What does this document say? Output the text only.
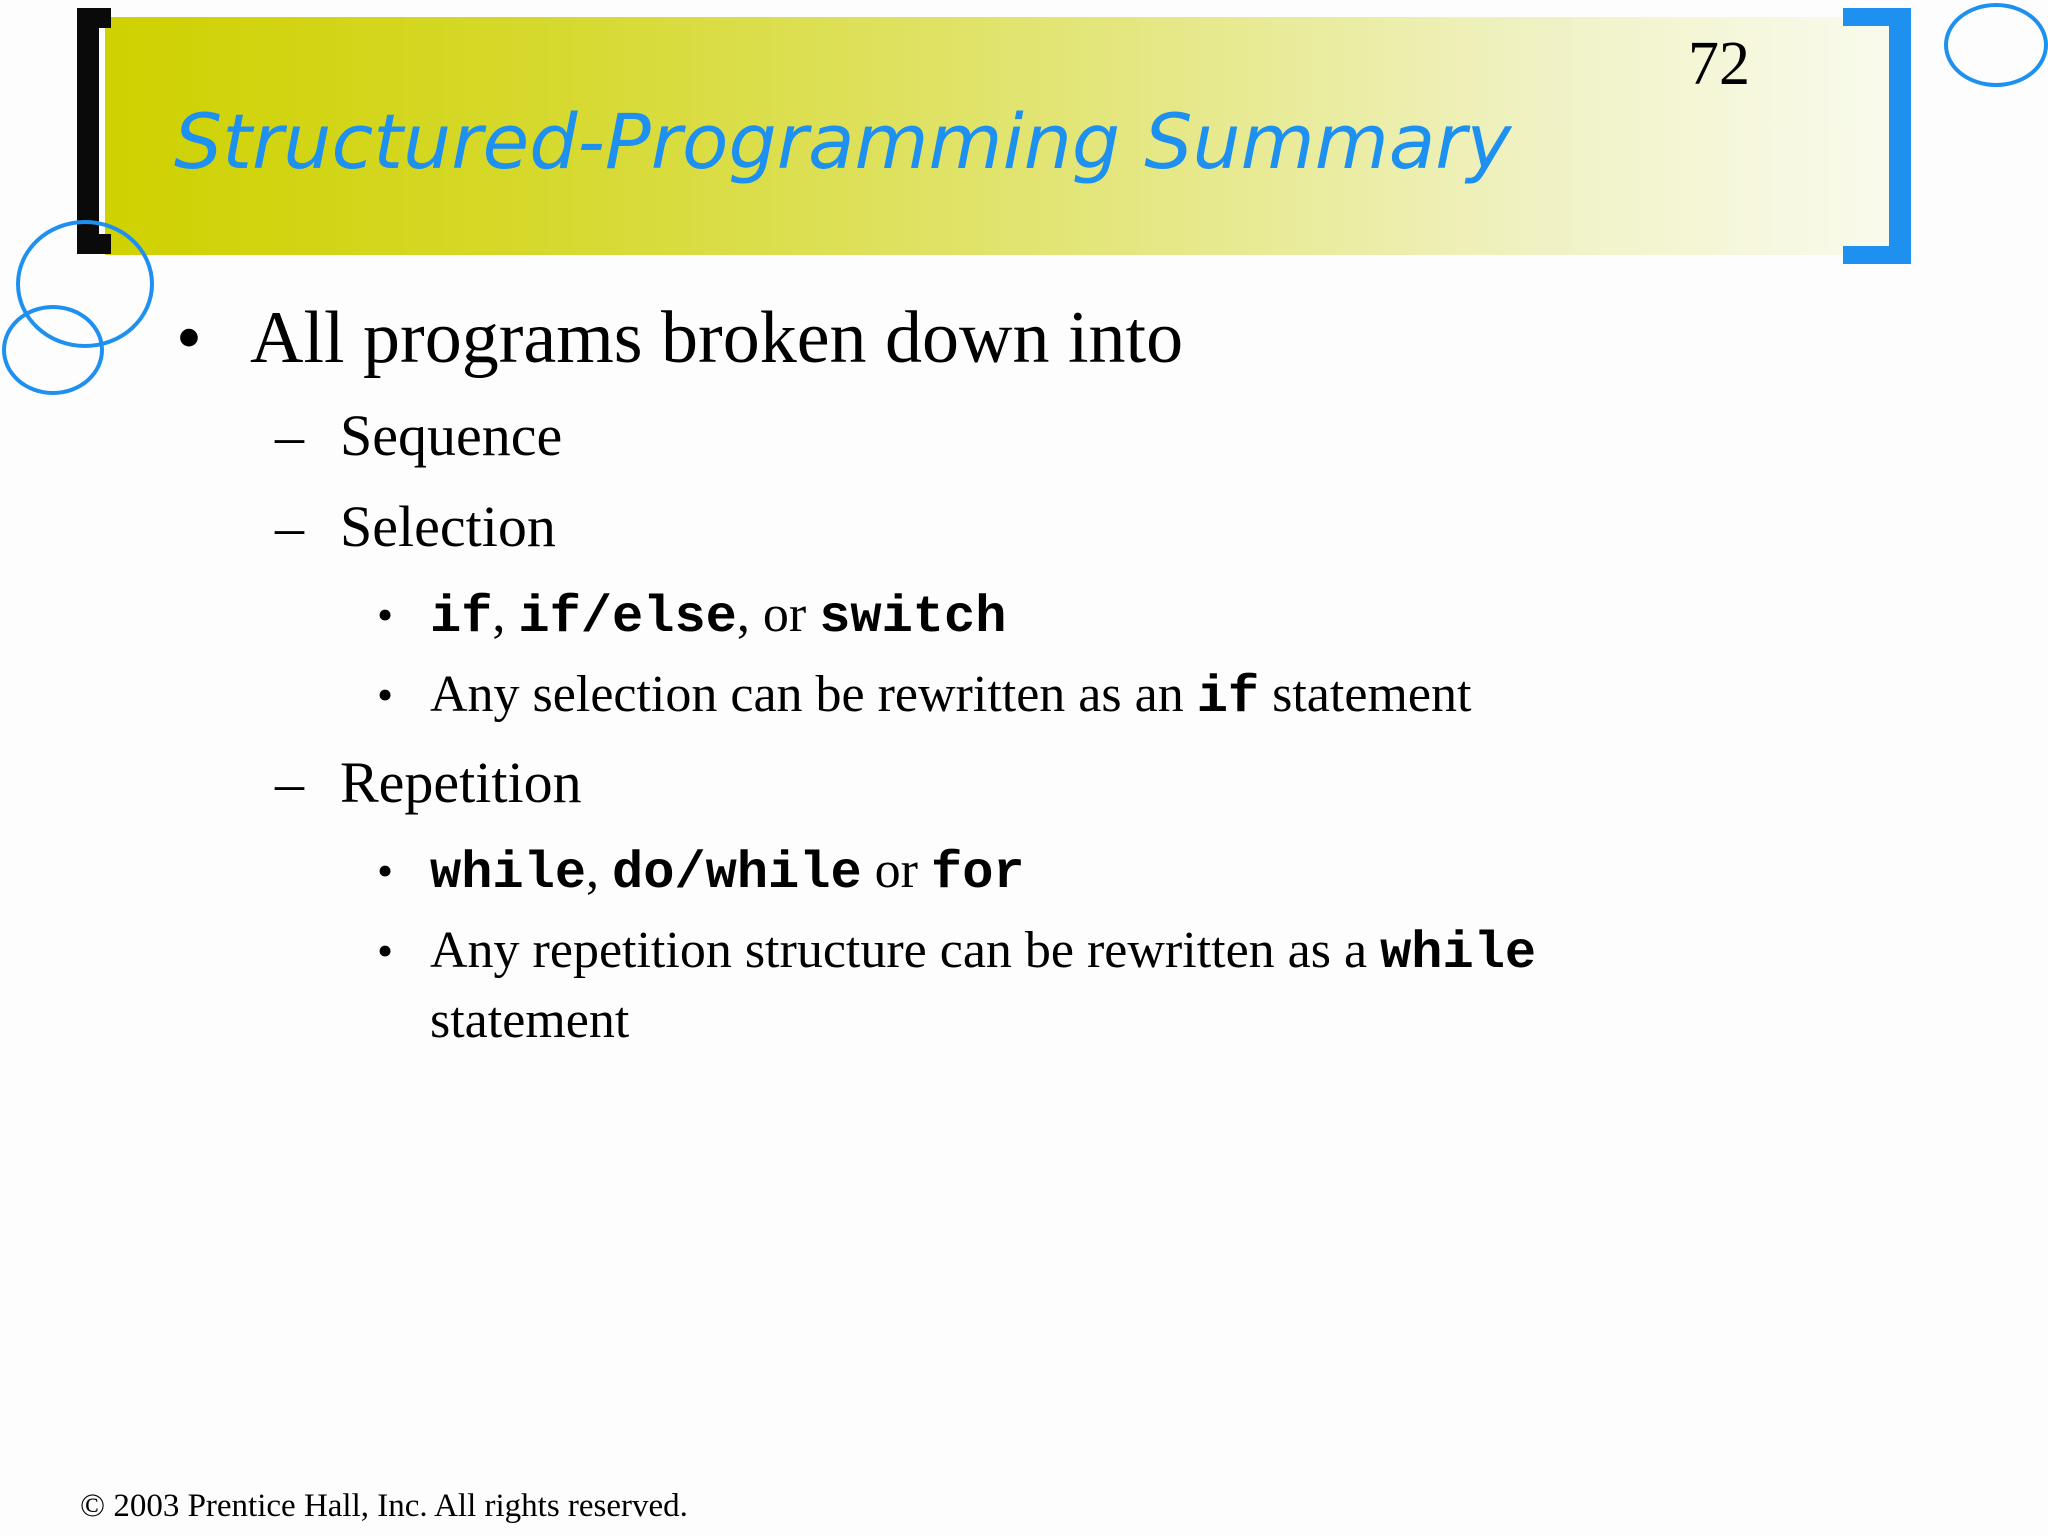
72
Structured-Programming Summary
• All programs broken down into
– Sequence
– Selection
• if, if/else, or switch
• Any selection can be rewritten as an if statement
– Repetition
• while, do/while or for
• Any repetition structure can be rewritten as a while
statement
© 2003 Prentice Hall, Inc. All rights reserved.
